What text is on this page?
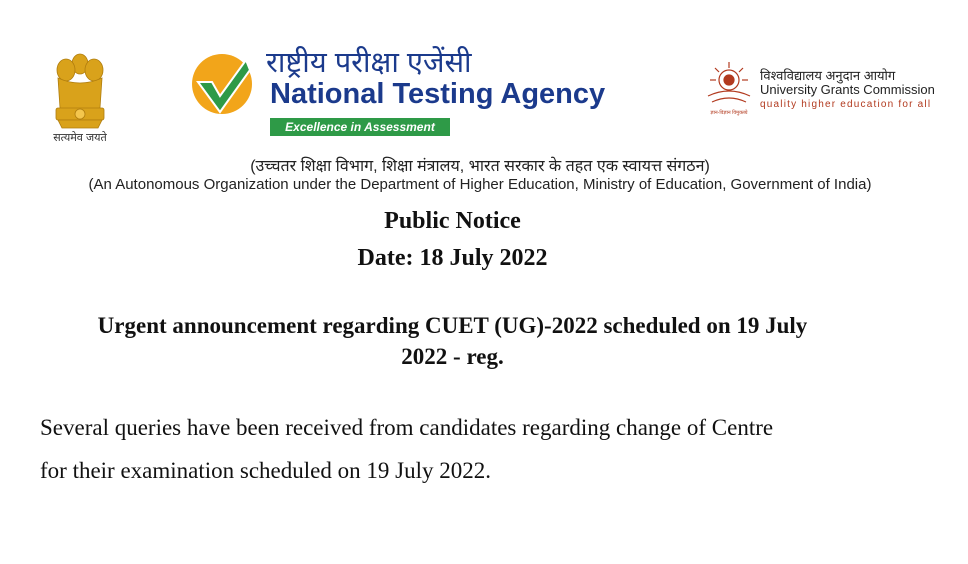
सत्यमेव जयते
राष्ट्रीय परीक्षा एजेंसी
National Testing Agency
Excellence in Assessment
ज्ञान-विज्ञान विमुक्तये
विश्वविद्यालय अनुदान आयोग
University Grants Commission
quality higher education for all
(उच्चतर शिक्षा विभाग, शिक्षा मंत्रालय, भारत सरकार के तहत एक स्वायत्त संगठन)
(An Autonomous Organization under the Department of Higher Education, Ministry of Education, Government of India)
Public Notice
Date: 18 July 2022
Urgent announcement regarding CUET (UG)-2022 scheduled on 19 July
2022 - reg.
Several queries have been received from candidates regarding change of Centre
for their examination scheduled on 19 July 2022.
